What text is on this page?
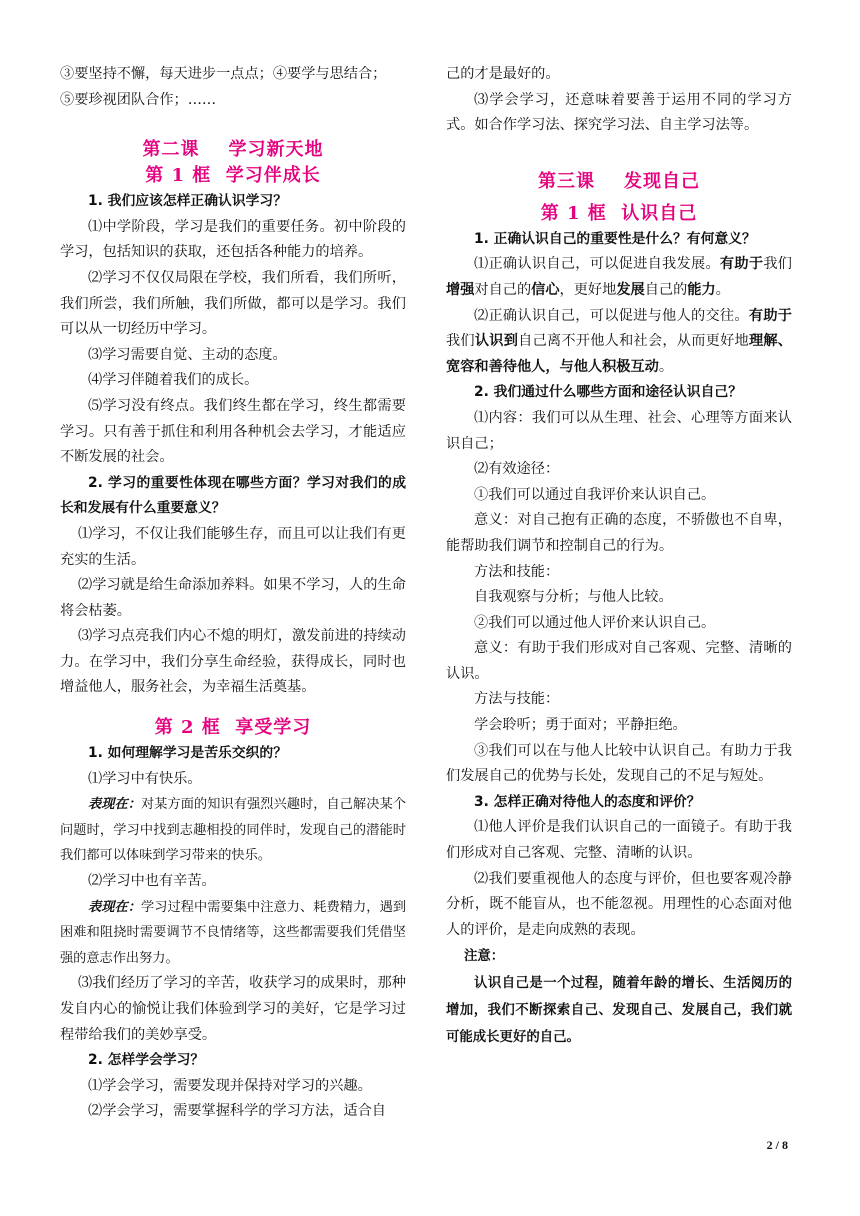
③要坚持不懈，每天进步一点点；④要学与思结合；

⑤要珍视团队合作；……

第二课    学习新天地

第 1 框  学习伴成长

1. 我们应该怎样正确认识学习？

⑴中学阶段，学习是我们的重要任务。初中阶段的学习，包括知识的获取，还包括各种能力的培养。

⑵学习不仅仅局限在学校，我们所看，我们所听，我们所尝，我们所触，我们所做，都可以是学习。我们可以从一切经历中学习。

⑶学习需要自觉、主动的态度。

⑷学习伴随着我们的成长。

⑸学习没有终点。我们终生都在学习，终生都需要学习。只有善于抓住和利用各种机会去学习，才能适应不断发展的社会。

2. 学习的重要性体现在哪些方面？学习对我们的成长和发展有什么重要意义？

⑴学习，不仅让我们能够生存，而且可以让我们有更充实的生活。

⑵学习就是给生命添加养料。如果不学习，人的生命将会枯萎。

⑶学习点亮我们内心不熄的明灯，激发前进的持续动力。在学习中，我们分享生命经验，获得成长，同时也增益他人，服务社会，为幸福生活奠基。

第 2 框  享受学习

1. 如何理解学习是苦乐交织的？

⑴学习中有快乐。

表现在：对某方面的知识有强烈兴趣时，自己解决某个问题时，学习中找到志趣相投的同伴时，发现自己的潜能时我们都可以体味到学习带来的快乐。

⑵学习中也有辛苦。

表现在：学习过程中需要集中注意力、耗费精力，遇到困难和阻挠时需要调节不良情绪等，这些都需要我们凭借坚强的意志作出努力。

⑶我们经历了学习的辛苦，收获学习的成果时，那种发自内心的愉悦让我们体验到学习的美好，它是学习过程带给我们的美妙享受。

2. 怎样学会学习？

⑴学会学习，需要发现并保持对学习的兴趣。

⑵学会学习，需要掌握科学的学习方法，适合自

己的才是最好的。

⑶学会学习，还意味着要善于运用不同的学习方式。如合作学习法、探究学习法、自主学习法等。

第三课    发现自己

第 1 框  认识自己

1. 正确认识自己的重要性是什么？有何意义？

⑴正确认识自己，可以促进自我发展。有助于我们增强对自己的信心，更好地发展自己的能力。

⑵正确认识自己，可以促进与他人的交往。有助于我们认识到自己离不开他人和社会，从而更好地理解、宽容和善待他人，与他人积极互动。

2. 我们通过什么哪些方面和途径认识自己？

⑴内容：我们可以从生理、社会、心理等方面来认识自己；

⑵有效途径：

①我们可以通过自我评价来认识自己。

意义：对自己抱有正确的态度，不骄傲也不自卑，能帮助我们调节和控制自己的行为。

方法和技能：

自我观察与分析；与他人比较。

②我们可以通过他人评价来认识自己。

意义：有助于我们形成对自己客观、完整、清晰的认识。

方法与技能：

学会聆听；勇于面对；平静拒绝。

③我们可以在与他人比较中认识自己。有助力于我们发展自己的优势与长处，发现自己的不足与短处。

3. 怎样正确对待他人的态度和评价？

⑴他人评价是我们认识自己的一面镜子。有助于我们形成对自己客观、完整、清晰的认识。

⑵我们要重视他人的态度与评价，但也要客观冷静分析，既不能盲从，也不能忽视。用理性的心态面对他人的评价，是走向成熟的表现。

注意：

认识自己是一个过程，随着年龄的增长、生活阅历的增加，我们不断探索自己、发现自己、发展自己，我们就可能成长更好的自己。

2 / 8
